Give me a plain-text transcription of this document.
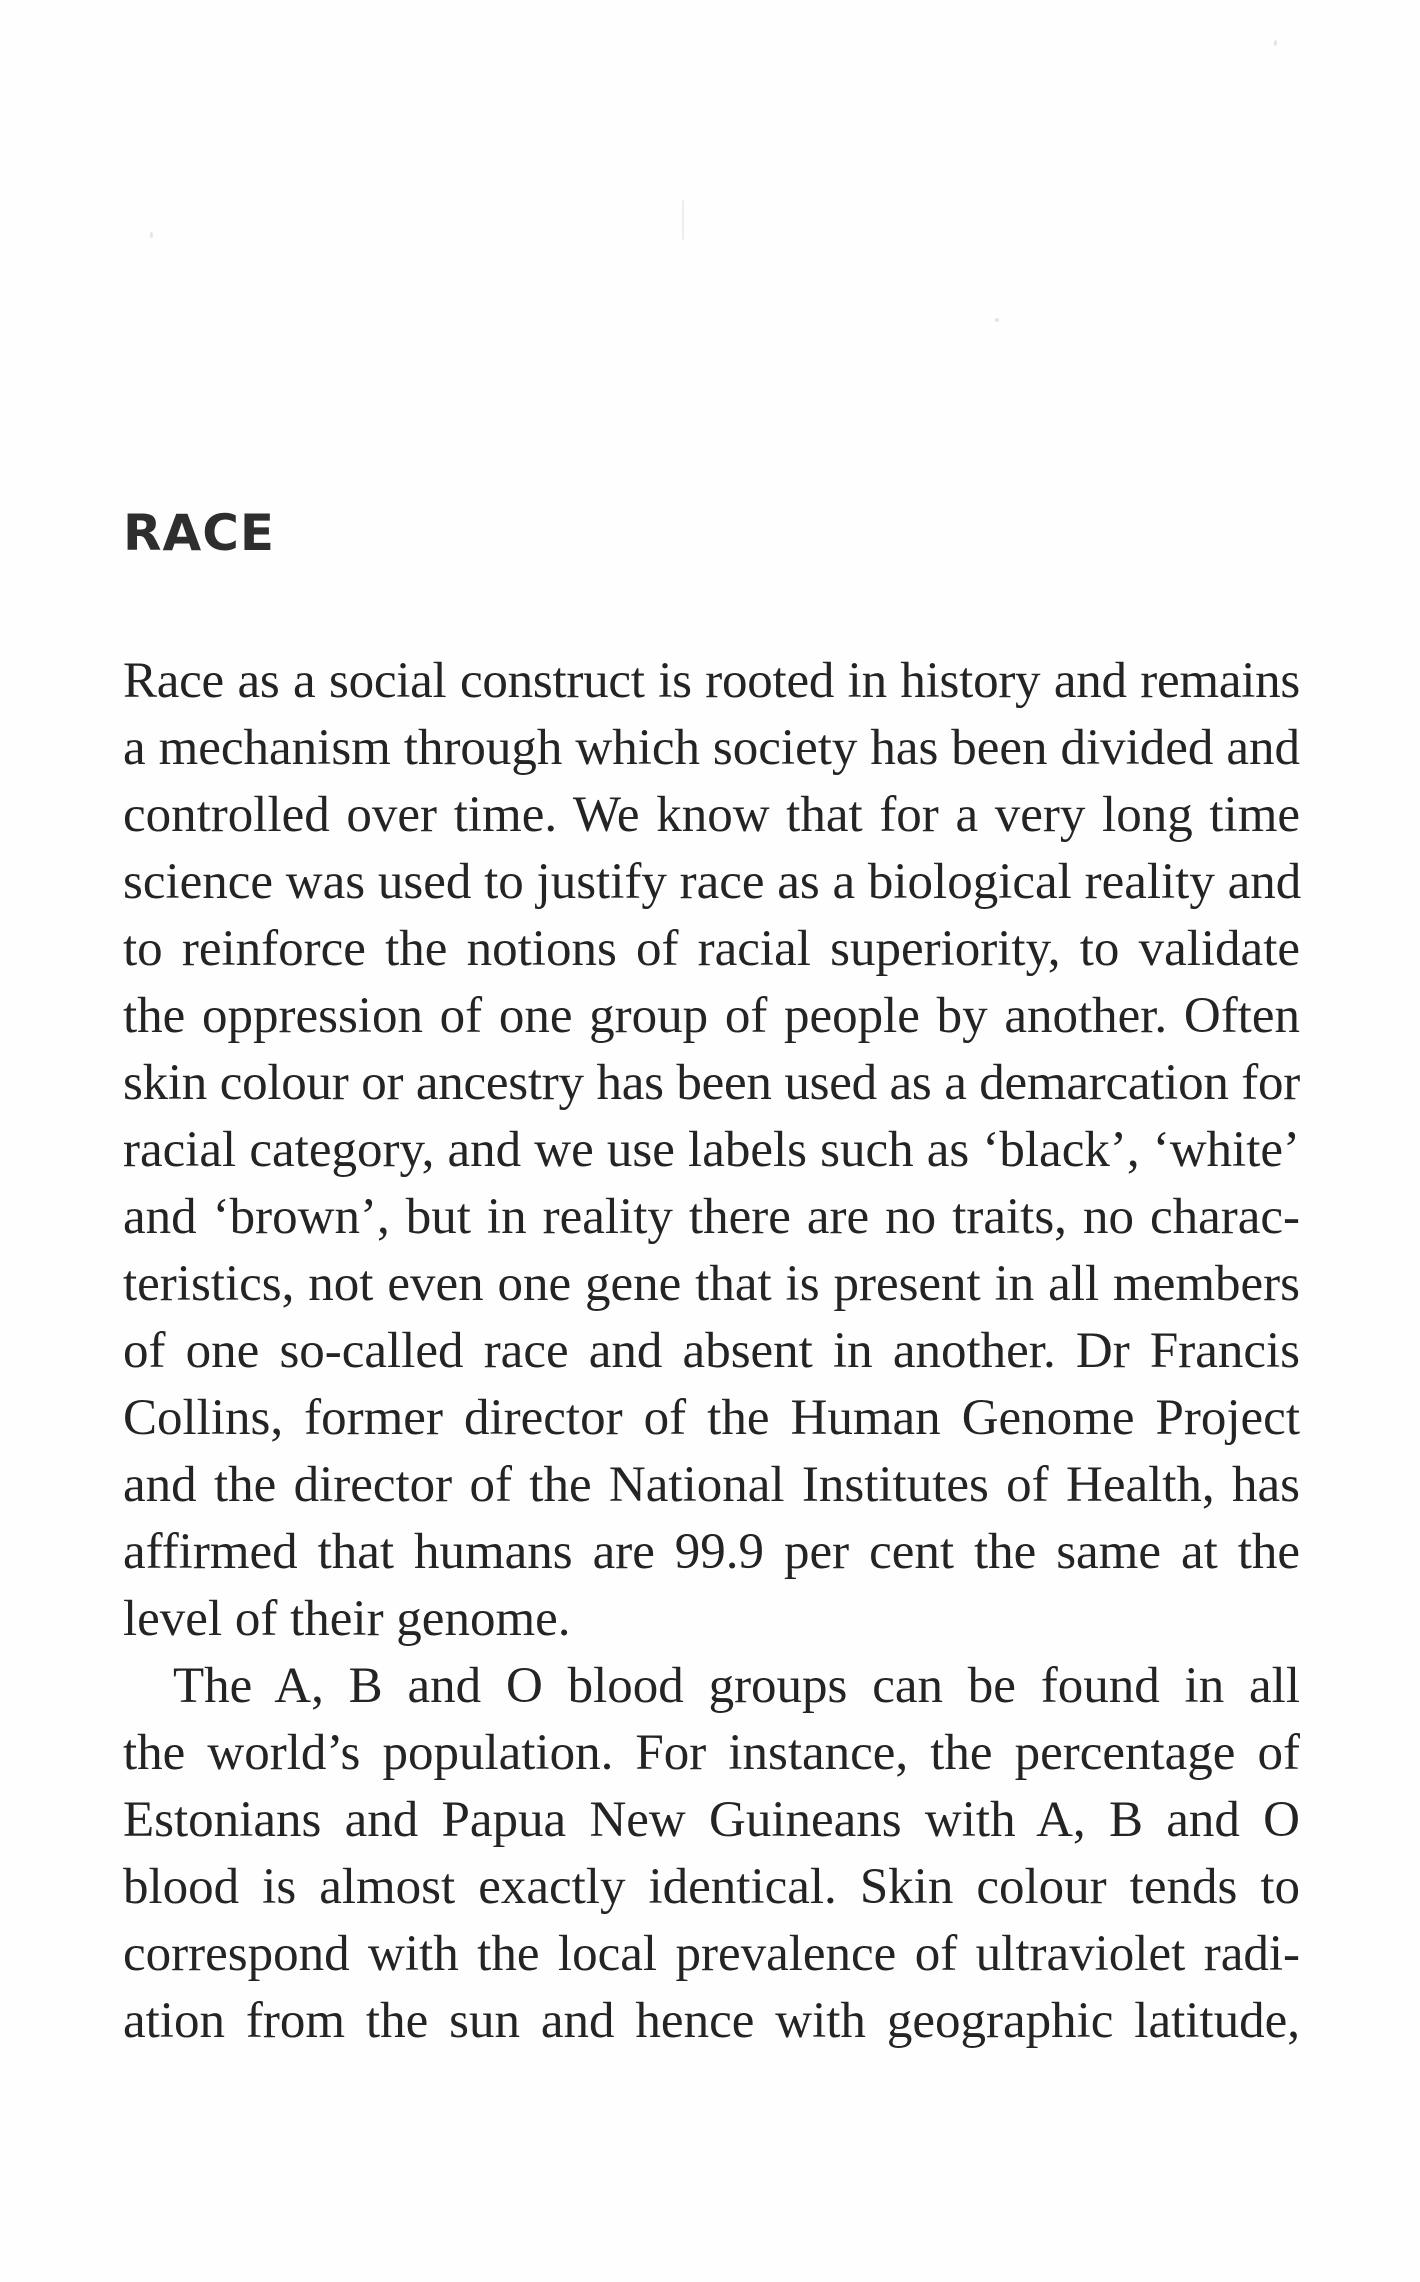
RACE
Race as a social construct is rooted in history and remains
a mechanism through which society has been divided and
controlled over time. We know that for a very long time
science was used to justify race as a biological reality and
to reinforce the notions of racial superiority, to validate
the oppression of one group of people by another. Often
skin colour or ancestry has been used as a demarcation for
racial category, and we use labels such as ‘black’, ‘white’
and ‘brown’, but in reality there are no traits, no charac-
teristics, not even one gene that is present in all members
of one so-called race and absent in another. Dr Francis
Collins, former director of the Human Genome Project
and the director of the National Institutes of Health, has
affirmed that humans are 99.9 per cent the same at the
level of their genome.
The A, B and O blood groups can be found in all
the world’s population. For instance, the percentage of
Estonians and Papua New Guineans with A, B and O
blood is almost exactly identical. Skin colour tends to
correspond with the local prevalence of ultraviolet radi-
ation from the sun and hence with geographic latitude,
